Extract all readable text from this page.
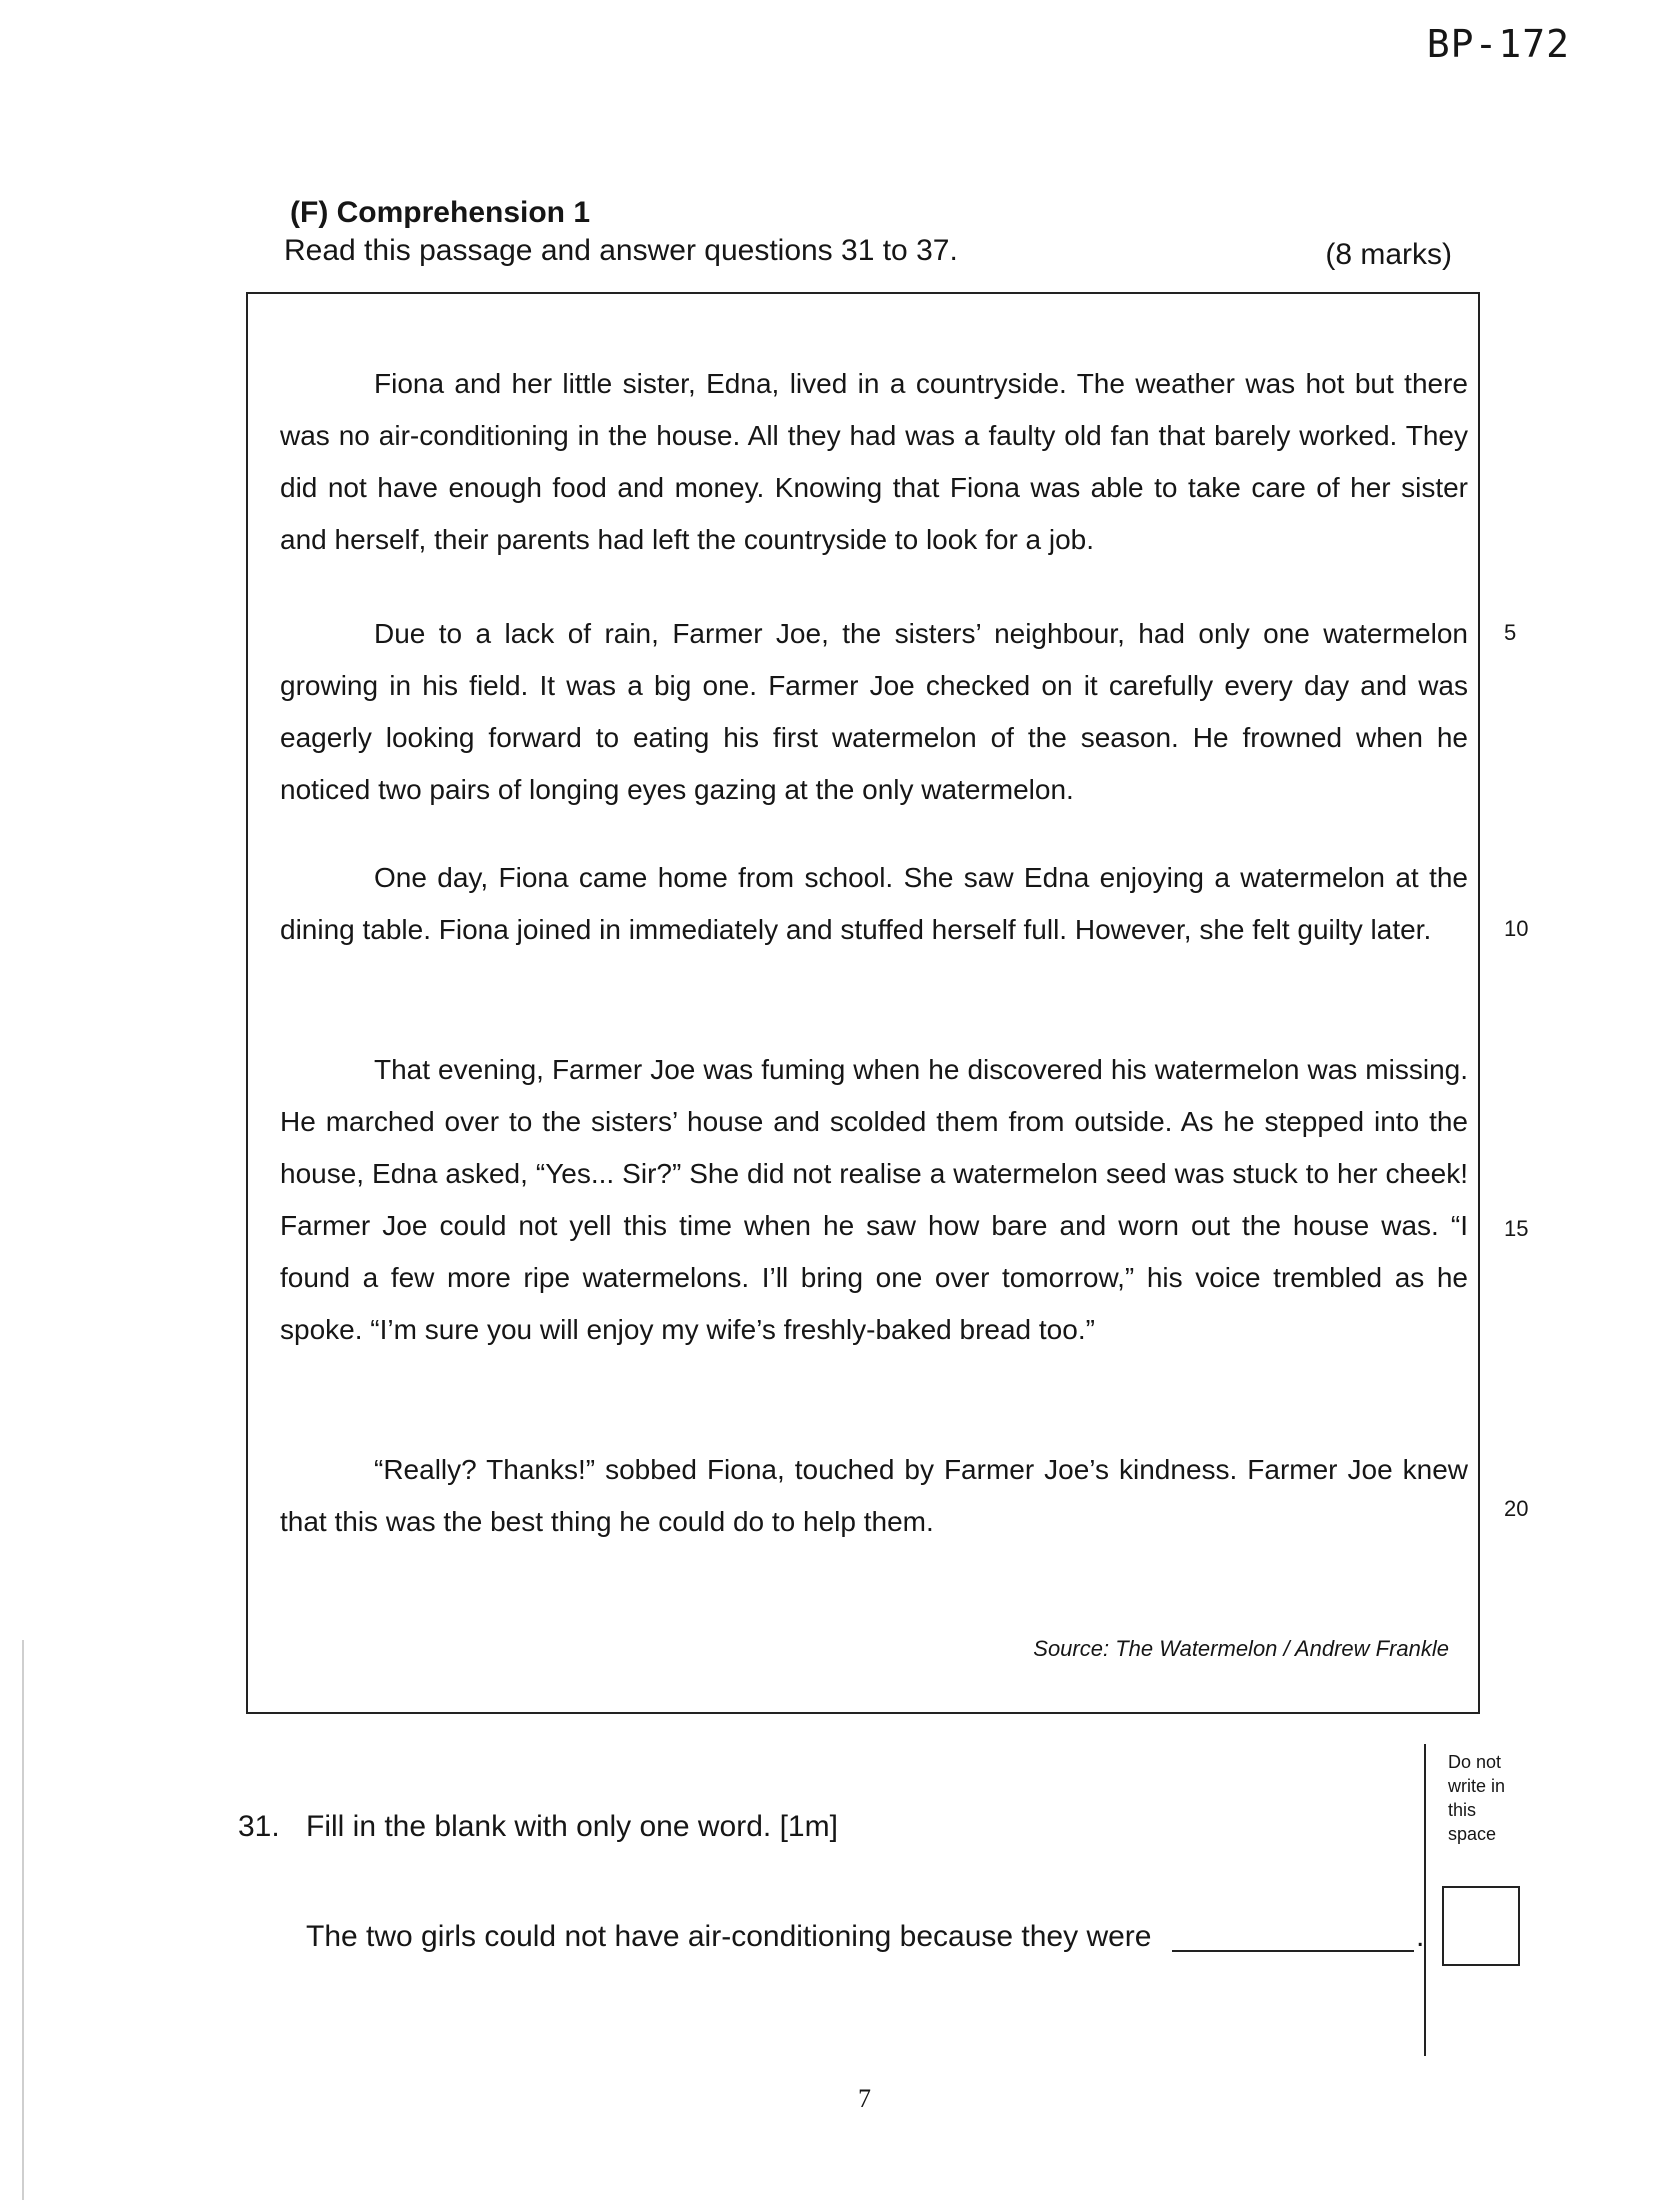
BP-172
(F) Comprehension 1
Read this passage and answer questions 31 to 37.	(8 marks)

Fiona and her little sister, Edna, lived in a countryside. The weather was hot but there was no air-conditioning in the house. All they had was a faulty old fan that barely worked. They did not have enough food and money. Knowing that Fiona was able to take care of her sister and herself, their parents had left the countryside to look for a job.

Due to a lack of rain, Farmer Joe, the sisters’ neighbour, had only one watermelon growing in his field. It was a big one. Farmer Joe checked on it carefully every day and was eagerly looking forward to eating his first watermelon of the season. He frowned when he noticed two pairs of longing eyes gazing at the only watermelon.

One day, Fiona came home from school. She saw Edna enjoying a watermelon at the dining table. Fiona joined in immediately and stuffed herself full. However, she felt guilty later.

That evening, Farmer Joe was fuming when he discovered his watermelon was missing. He marched over to the sisters’ house and scolded them from outside. As he stepped into the house, Edna asked, “Yes... Sir?” She did not realise a watermelon seed was stuck to her cheek! Farmer Joe could not yell this time when he saw how bare and worn out the house was. “I found a few more ripe watermelons. I’ll bring one over tomorrow,” his voice trembled as he spoke. “I’m sure you will enjoy my wife’s freshly-baked bread too.”

“Really? Thanks!” sobbed Fiona, touched by Farmer Joe’s kindness. Farmer Joe knew that this was the best thing he could do to help them.

Source: The Watermelon / Andrew Frankle
5
10
15
20
Do not write in this space
31. Fill in the blank with only one word. [1m]
The two girls could not have air-conditioning because they were	.
7
